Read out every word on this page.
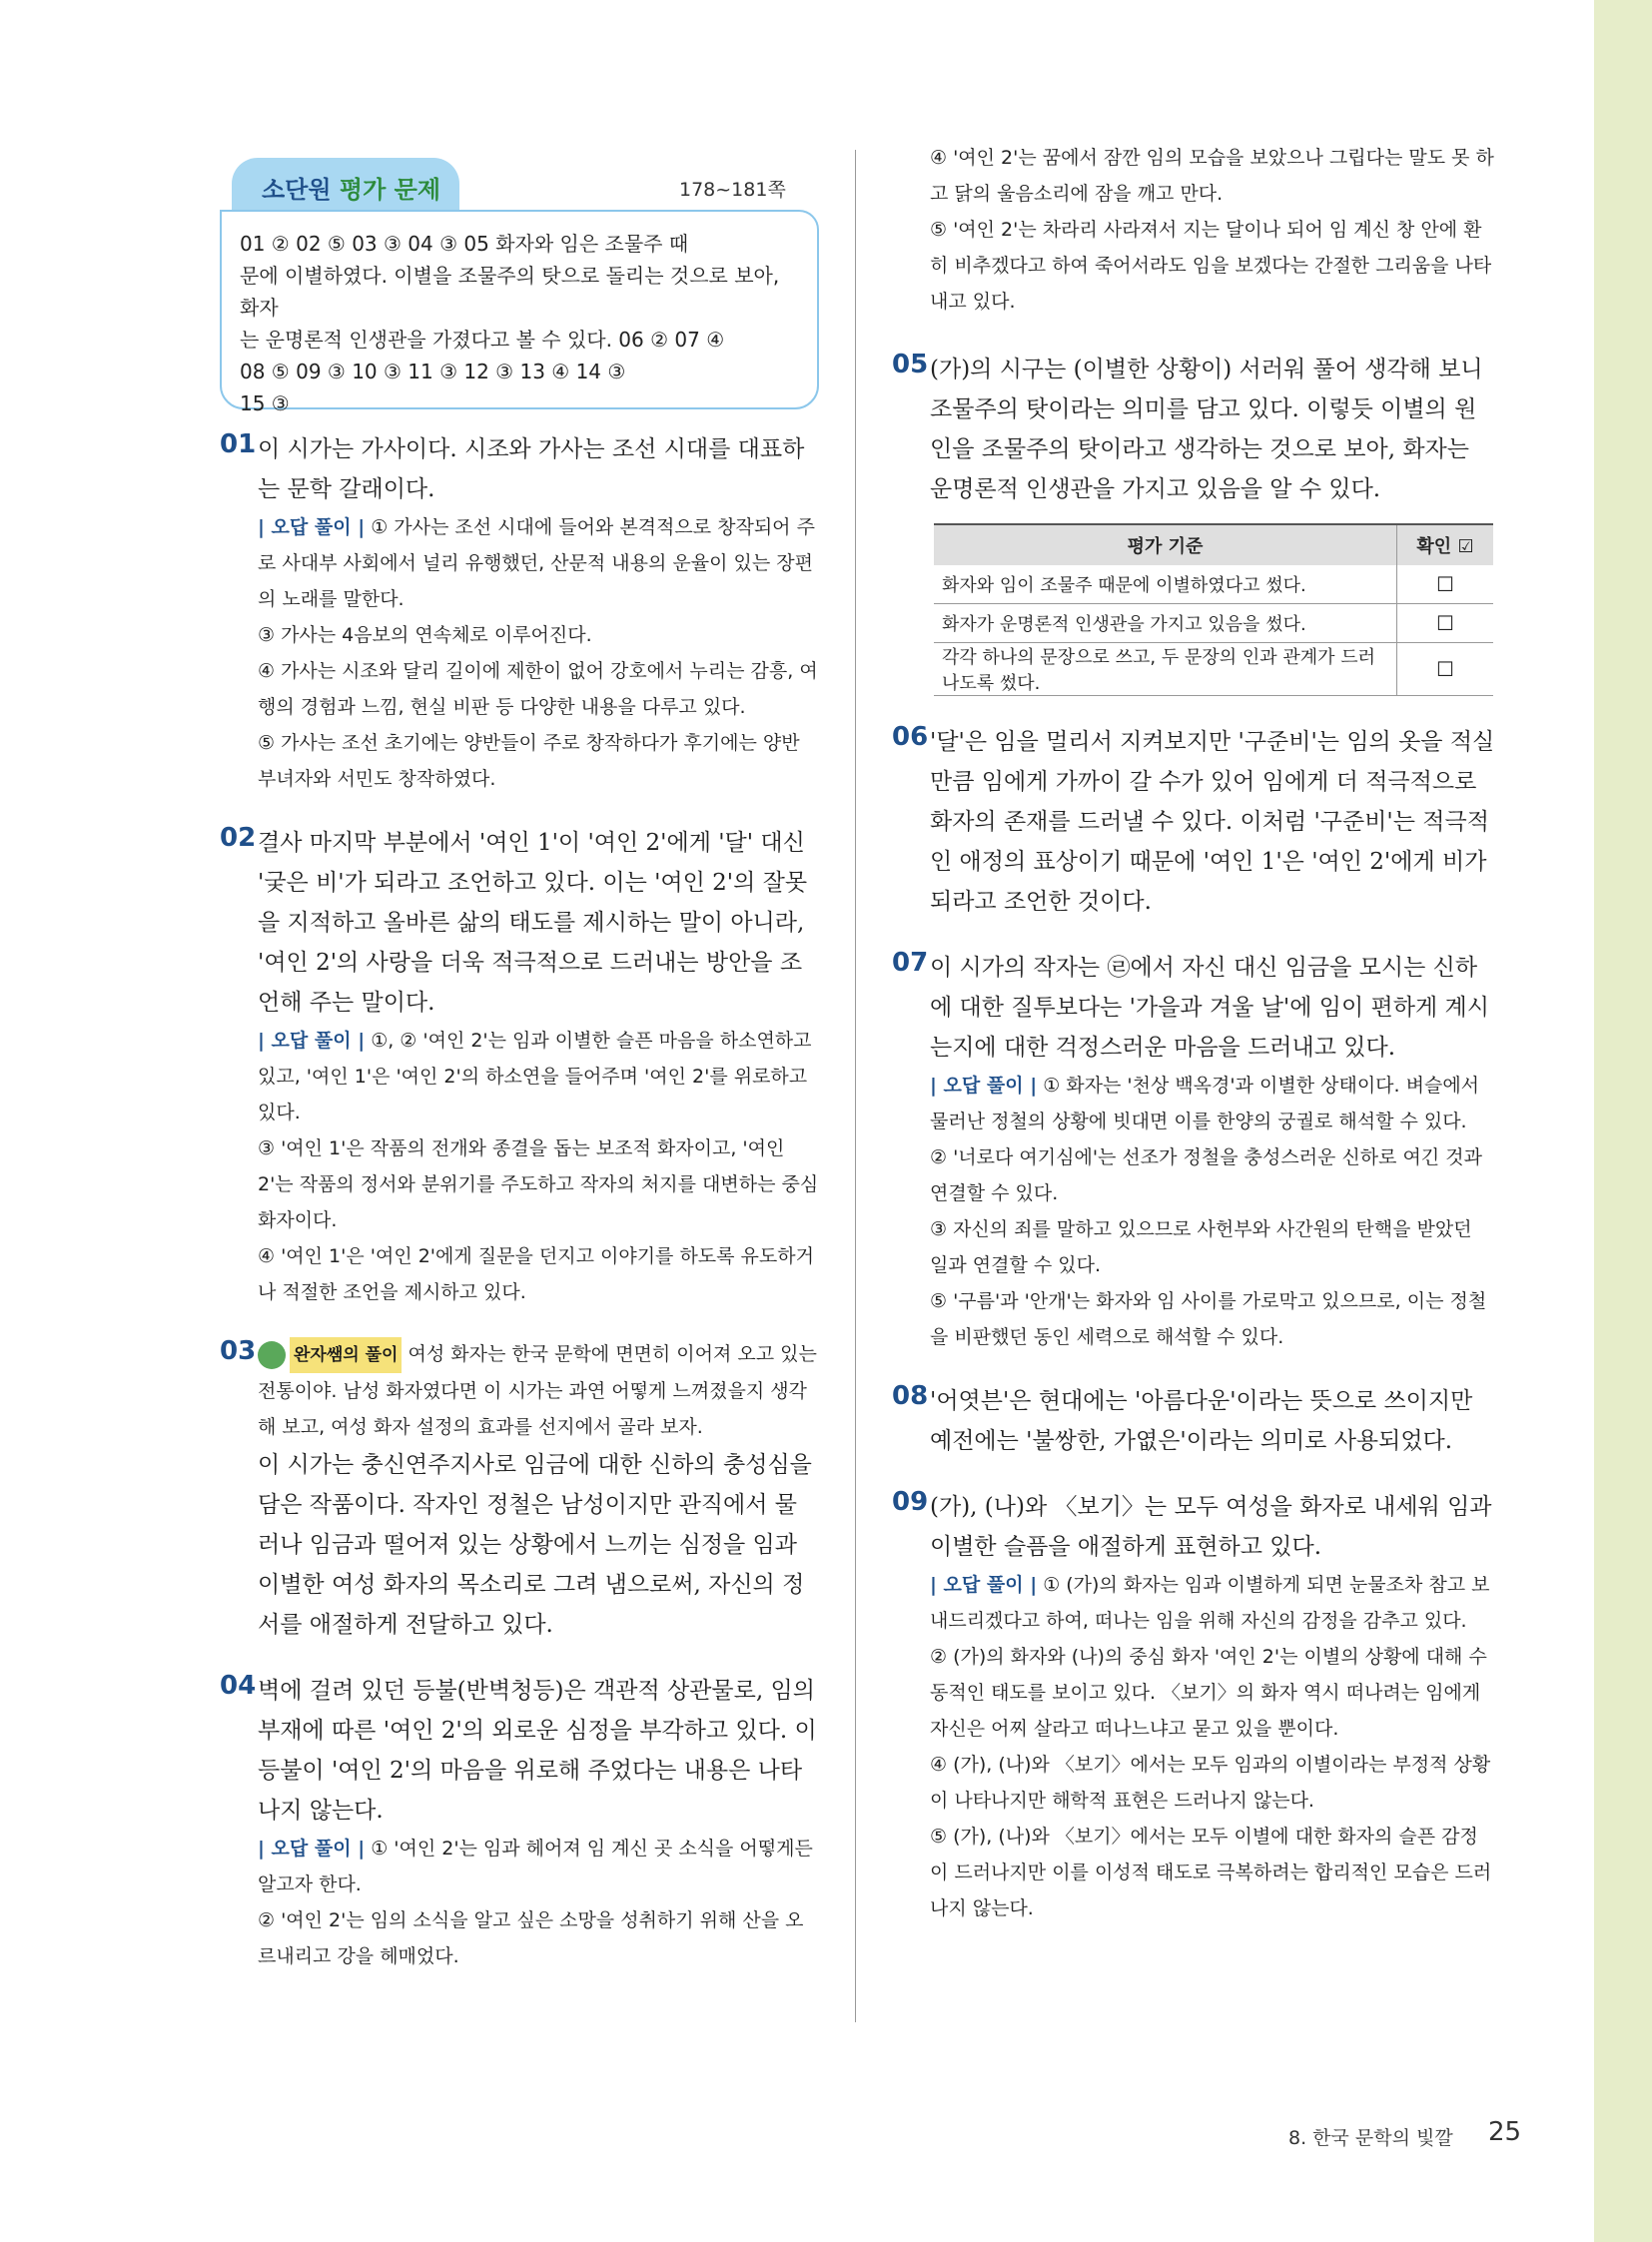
소단원 평가 문제	178~181쪽
01 ② 02 ⑤ 03 ③ 04 ③ 05 화자와 임은 조물주 때
문에 이별하였다. 이별을 조물주의 탓으로 돌리는 것으로 보아, 화자
는 운명론적 인생관을 가졌다고 볼 수 있다. 06 ② 07 ④
08 ⑤ 09 ③ 10 ③ 11 ③ 12 ③ 13 ④ 14 ③
15 ③
01 이 시가는 가사이다. 시조와 가사는 조선 시대를 대표하는 문학 갈래이다.
| 오답 풀이 | ① 가사는 조선 시대에 들어와 본격적으로 창작되어 주로 사대부 사회에서 널리 유행했던, 산문적 내용의 운율이 있는 장편의 노래를 말한다.
③ 가사는 4음보의 연속체로 이루어진다.
④ 가사는 시조와 달리 길이에 제한이 없어 강호에서 누리는 감흥, 여행의 경험과 느낌, 현실 비판 등 다양한 내용을 다루고 있다.
⑤ 가사는 조선 초기에는 양반들이 주로 창작하다가 후기에는 양반 부녀자와 서민도 창작하였다.
02 결사 마지막 부분에서 '여인 1'이 '여인 2'에게 '달' 대신 '궂은 비'가 되라고 조언하고 있다. 이는 '여인 2'의 잘못을 지적하고 올바른 삶의 태도를 제시하는 말이 아니라, '여인 2'의 사랑을 더욱 적극적으로 드러내는 방안을 조언해 주는 말이다.
| 오답 풀이 | ①, ② '여인 2'는 임과 이별한 슬픈 마음을 하소연하고 있고, '여인 1'은 '여인 2'의 하소연을 들어주며 '여인 2'를 위로하고 있다.
③ '여인 1'은 작품의 전개와 종결을 돕는 보조적 화자이고, '여인 2'는 작품의 정서와 분위기를 주도하고 작자의 처지를 대변하는 중심 화자이다.
④ '여인 1'은 '여인 2'에게 질문을 던지고 이야기를 하도록 유도하거나 적절한 조언을 제시하고 있다.
03	완자쌤의 풀이 여성 화자는 한국 문학에 면면히 이어져 오고 있는 전통이야. 남성 화자였다면 이 시가는 과연 어떻게 느껴졌을지 생각해 보고, 여성 화자 설정의 효과를 선지에서 골라 보자.
이 시가는 충신연주지사로 임금에 대한 신하의 충성심을 담은 작품이다. 작자인 정철은 남성이지만 관직에서 물러나 임금과 떨어져 있는 상황에서 느끼는 심정을 임과 이별한 여성 화자의 목소리로 그려 냄으로써, 자신의 정서를 애절하게 전달하고 있다.
04 벽에 걸려 있던 등불(반벽청등)은 객관적 상관물로, 임의 부재에 따른 '여인 2'의 외로운 심정을 부각하고 있다. 이 등불이 '여인 2'의 마음을 위로해 주었다는 내용은 나타나지 않는다.
| 오답 풀이 | ① '여인 2'는 임과 헤어져 임 계신 곳 소식을 어떻게든 알고자 한다.
② '여인 2'는 임의 소식을 알고 싶은 소망을 성취하기 위해 산을 오르내리고 강을 헤매었다.
④ '여인 2'는 꿈에서 잠깐 임의 모습을 보았으나 그립다는 말도 못 하고 닭의 울음소리에 잠을 깨고 만다.
⑤ '여인 2'는 차라리 사라져서 지는 달이나 되어 임 계신 창 안에 환히 비추겠다고 하여 죽어서라도 임을 보겠다는 간절한 그리움을 나타내고 있다.
05 (가)의 시구는 (이별한 상황이) 서러워 풀어 생각해 보니 조물주의 탓이라는 의미를 담고 있다. 이렇듯 이별의 원인을 조물주의 탓이라고 생각하는 것으로 보아, 화자는 운명론적 인생관을 가지고 있음을 알 수 있다.
평가 기준	확인 ☑
화자와 임이 조물주 때문에 이별하였다고 썼다.	☐
화자가 운명론적 인생관을 가지고 있음을 썼다.	☐
각각 하나의 문장으로 쓰고, 두 문장의 인과 관계가 드러나도록 썼다.	☐
06 '달'은 임을 멀리서 지켜보지만 '구준비'는 임의 옷을 적실 만큼 임에게 가까이 갈 수가 있어 임에게 더 적극적으로 화자의 존재를 드러낼 수 있다. 이처럼 '구준비'는 적극적인 애정의 표상이기 때문에 '여인 1'은 '여인 2'에게 비가 되라고 조언한 것이다.
07 이 시가의 작자는 ㉣에서 자신 대신 임금을 모시는 신하에 대한 질투보다는 '가을과 겨울 날'에 임이 편하게 계시는지에 대한 걱정스러운 마음을 드러내고 있다.
| 오답 풀이 | ① 화자는 '천상 백옥경'과 이별한 상태이다. 벼슬에서 물러난 정철의 상황에 빗대면 이를 한양의 궁궐로 해석할 수 있다.
② '너로다 여기심에'는 선조가 정철을 충성스러운 신하로 여긴 것과 연결할 수 있다.
③ 자신의 죄를 말하고 있으므로 사헌부와 사간원의 탄핵을 받았던 일과 연결할 수 있다.
⑤ '구름'과 '안개'는 화자와 임 사이를 가로막고 있으므로, 이는 정철을 비판했던 동인 세력으로 해석할 수 있다.
08 '어엿븐'은 현대에는 '아름다운'이라는 뜻으로 쓰이지만 예전에는 '불쌍한, 가엾은'이라는 의미로 사용되었다.
09 (가), (나)와 〈보기〉는 모두 여성을 화자로 내세워 임과 이별한 슬픔을 애절하게 표현하고 있다.
| 오답 풀이 | ① (가)의 화자는 임과 이별하게 되면 눈물조차 참고 보내드리겠다고 하여, 떠나는 임을 위해 자신의 감정을 감추고 있다.
② (가)의 화자와 (나)의 중심 화자 '여인 2'는 이별의 상황에 대해 수동적인 태도를 보이고 있다. 〈보기〉의 화자 역시 떠나려는 임에게 자신은 어찌 살라고 떠나느냐고 묻고 있을 뿐이다.
④ (가), (나)와 〈보기〉에서는 모두 임과의 이별이라는 부정적 상황이 나타나지만 해학적 표현은 드러나지 않는다.
⑤ (가), (나)와 〈보기〉에서는 모두 이별에 대한 화자의 슬픈 감정이 드러나지만 이를 이성적 태도로 극복하려는 합리적인 모습은 드러나지 않는다.
8. 한국 문학의 빛깔 25
